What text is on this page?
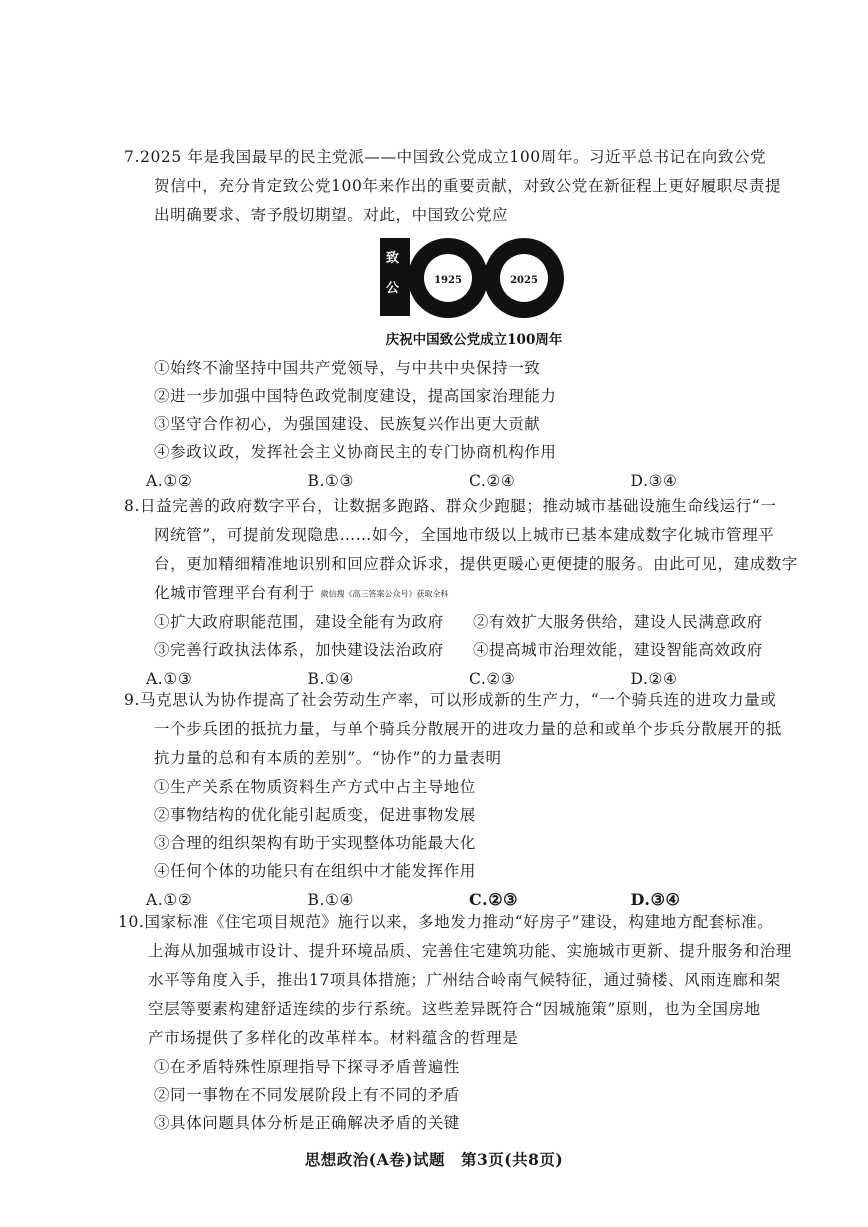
7.2025 年是我国最早的民主党派——中国致公党成立100周年。习近平总书记在向致公党
贺信中，充分肯定致公党100年来作出的重要贡献，对致公党在新征程上更好履职尽责提
出明确要求、寄予殷切期望。对此，中国致公党应
致
公
1925	2025
庆祝中国致公党成立100周年
①始终不渝坚持中国共产党领导，与中共中央保持一致
②进一步加强中国特色政党制度建设，提高国家治理能力
③坚守合作初心，为强国建设、民族复兴作出更大贡献
④参政议政，发挥社会主义协商民主的专门协商机构作用
A.①②	B.①③	C.②④	D.③④
8.日益完善的政府数字平台，让数据多跑路、群众少跑腿；推动城市基础设施生命线运行“一
网统管”，可提前发现隐患……如今，全国地市级以上城市已基本建成数字化城市管理平
台，更加精细精准地识别和回应群众诉求，提供更暖心更便捷的服务。由此可见，建成数字
化城市管理平台有利于 微信搜《高三答案公众号》获取全科
①扩大政府职能范围，建设全能有为政府	②有效扩大服务供给，建设人民满意政府
③完善行政执法体系，加快建设法治政府	④提高城市治理效能，建设智能高效政府
A.①③	B.①④	C.②③	D.②④
9.马克思认为协作提高了社会劳动生产率，可以形成新的生产力，“一个骑兵连的进攻力量或
一个步兵团的抵抗力量，与单个骑兵分散展开的进攻力量的总和或单个步兵分散展开的抵
抗力量的总和有本质的差别”。“协作”的力量表明
①生产关系在物质资料生产方式中占主导地位
②事物结构的优化能引起质变，促进事物发展
③合理的组织架构有助于实现整体功能最大化
④任何个体的功能只有在组织中才能发挥作用
A.①②	B.①④	C.②③	D.③④
10.国家标准《住宅项目规范》施行以来，多地发力推动“好房子”建设，构建地方配套标准。
上海从加强城市设计、提升环境品质、完善住宅建筑功能、实施城市更新、提升服务和治理
水平等角度入手，推出17项具体措施；广州结合岭南气候特征，通过骑楼、风雨连廊和架
空层等要素构建舒适连续的步行系统。这些差异既符合“因城施策”原则，也为全国房地
产市场提供了多样化的改革样本。材料蕴含的哲理是
①在矛盾特殊性原理指导下探寻矛盾普遍性
②同一事物在不同发展阶段上有不同的矛盾
③具体问题具体分析是正确解决矛盾的关键
思想政治(A卷)试题　第3页(共8页)
